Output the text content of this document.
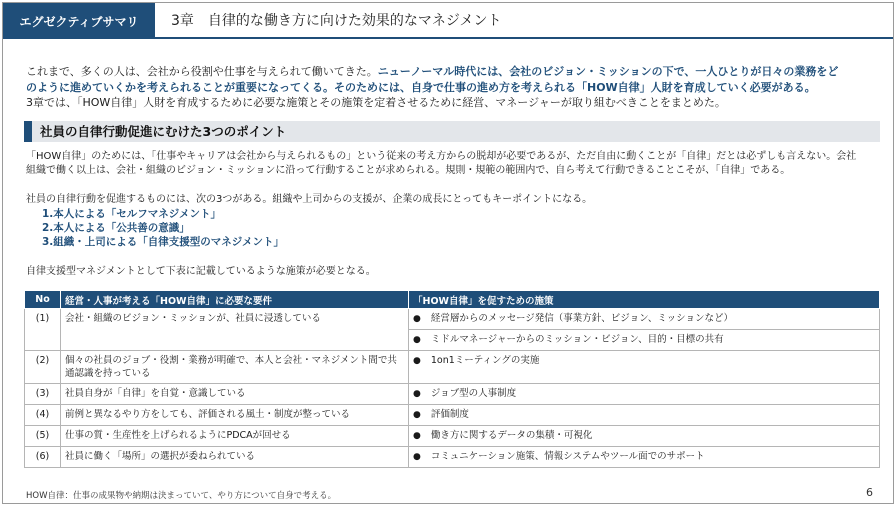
エグゼクティブサマリ	3章　自律的な働き方に向けた効果的なマネジメント

これまで、多くの人は、会社から役割や仕事を与えられて働いてきた。ニューノーマル時代には、会社のビジョン・ミッションの下で、一人ひとりが日々の業務をど

のように進めていくかを考えられることが重要になってくる。そのためには、自身で仕事の進め方を考えられる「HOW自律」人財を育成していく必要がある。

3章では、「HOW自律」人財を育成するために必要な施策とその施策を定着させるために経営、マネージャーが取り組むべきことをまとめた。

社員の自律行動促進にむけた3つのポイント
「HOW自律」のためには、「仕事やキャリアは会社から与えられるもの」という従来の考え方からの脱却が必要であるが、ただ自由に動くことが「自律」だとは必ずしも言えない。会社
組織で働く以上は、会社・組織のビジョン・ミッションに沿って行動することが求められる。規則・規範の範囲内で、自ら考えて行動できることこそが、「自律」である。
社員の自律行動を促進するものには、次の3つがある。組織や上司からの支援が、企業の成長にとってもキーポイントになる。
1.本人による「セルフマネジメント」
2.本人による「公共善の意識」
3.組織・上司による「自律支援型のマネジメント」
自律支援型マネジメントとして下表に記載しているような施策が必要となる。
No	経営・人事が考える「HOW自律」に必要な要件	「HOW自律」を促すための施策
(1)	会社・組織のビジョン・ミッションが、社員に浸透している	● 経営層からのメッセージ発信（事業方針、ビジョン、ミッションなど）
		● ミドルマネージャーからのミッション・ビジョン、目的・目標の共有
(2)	個々の社員のジョブ・役割・業務が明確で、本人と会社・マネジメント間で共通認識を持っている	● 1on1ミーティングの実施
(3)	社員自身が「自律」を自覚・意識している	● ジョブ型の人事制度
(4)	前例と異なるやり方をしても、評価される風土・制度が整っている	● 評価制度
(5)	仕事の質・生産性を上げられるようにPDCAが回せる	● 働き方に関するデータの集積・可視化
(6)	社員に働く「場所」の選択が委ねられている	● コミュニケーション施策、情報システムやツール面でのサポート
HOW自律：仕事の成果物や納期は決まっていて、やり方について自身で考える。	6
